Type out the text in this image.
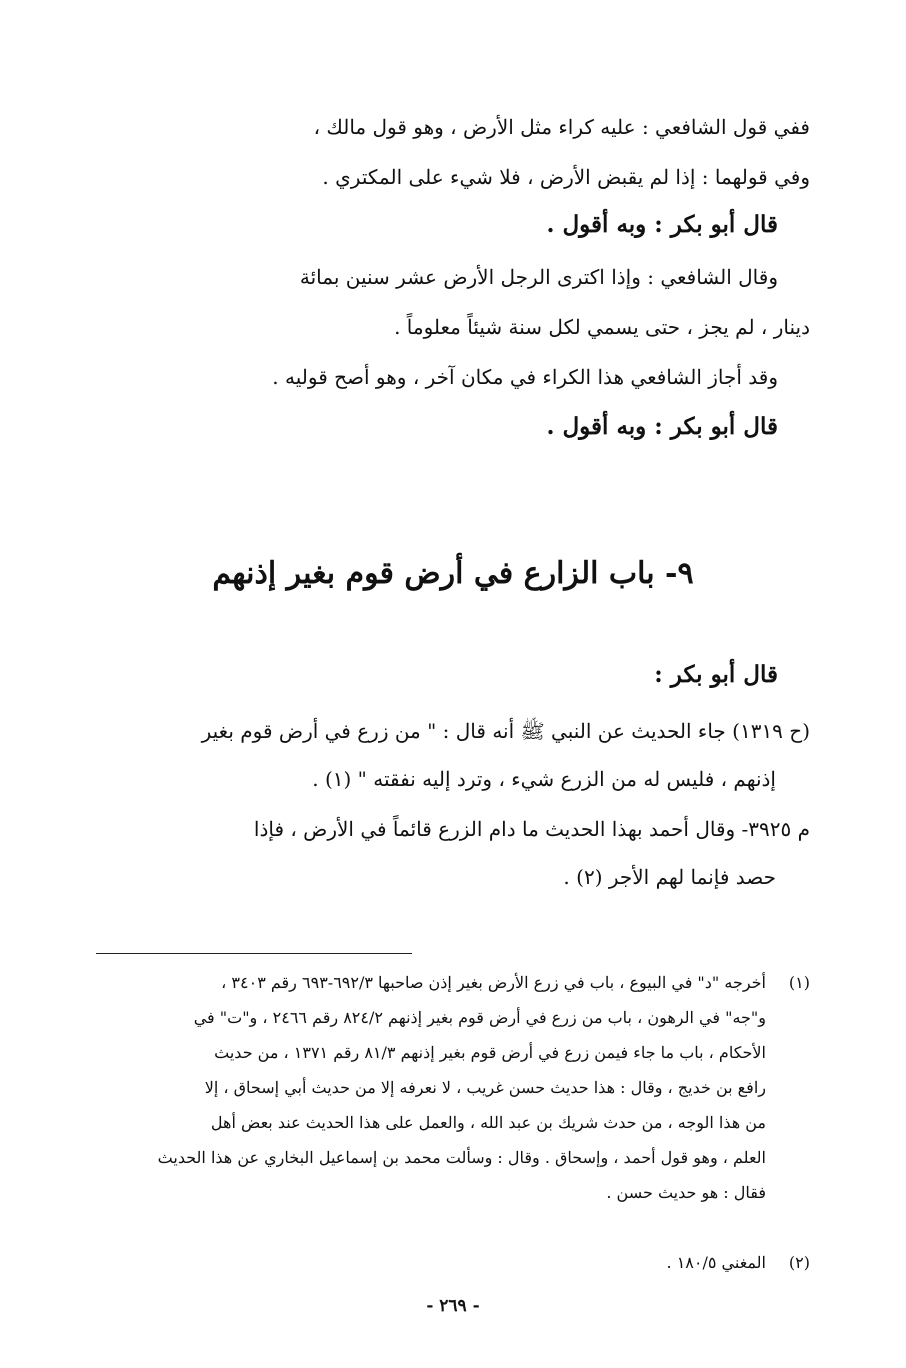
ففي قول الشافعي : عليه كراء مثل الأرض ، وهو قول مالك ،
وفي قولهما : إذا لم يقبض الأرض ، فلا شيء على المكتري .
قال أبو بكر : وبه أقول .
وقال الشافعي : وإذا اكترى الرجل الأرض عشر سنين بمائة
دينار ، لم يجز ، حتى يسمي لكل سنة شيئاً معلوماً .
وقد أجاز الشافعي هذا الكراء في مكان آخر ، وهو أصح قوليه .
قال أبو بكر : وبه أقول .
٩- باب الزارع في أرض قوم بغير إذنهم
قال أبو بكر :
(ح ١٣١٩) جاء الحديث عن النبي ﷺ أنه قال : " من زرع في أرض قوم بغير
إذنهم ، فليس له من الزرع شيء ، وترد إليه نفقته " (١) .
م ٣٩٢٥- وقال أحمد بهذا الحديث ما دام الزرع قائماً في الأرض ، فإذا
حصد فإنما لهم الأجر (٢) .
(١)
أخرجه "د" في البيوع ، باب في زرع الأرض بغير إذن صاحبها ٦٩٢/٣-٦٩٣ رقم ٣٤٠٣ ،
و"جه" في الرهون ، باب من زرع في أرض قوم بغير إذنهم ٨٢٤/٢ رقم ٢٤٦٦ ، و"ت" في
الأحكام ، باب ما جاء فيمن زرع في أرض قوم بغير إذنهم ٨١/٣ رقم ١٣٧١ ، من حديث
رافع بن خديج ، وقال : هذا حديث حسن غريب ، لا نعرفه إلا من حديث أبي إسحاق ، إلا
من هذا الوجه ، من حدث شريك بن عبد الله ، والعمل على هذا الحديث عند بعض أهل
العلم ، وهو قول أحمد ، وإسحاق . وقال : وسألت محمد بن إسماعيل البخاري عن هذا الحديث
فقال : هو حديث حسن .
(٢)
المغني ١٨٠/٥ .
- ٢٦٩ -
